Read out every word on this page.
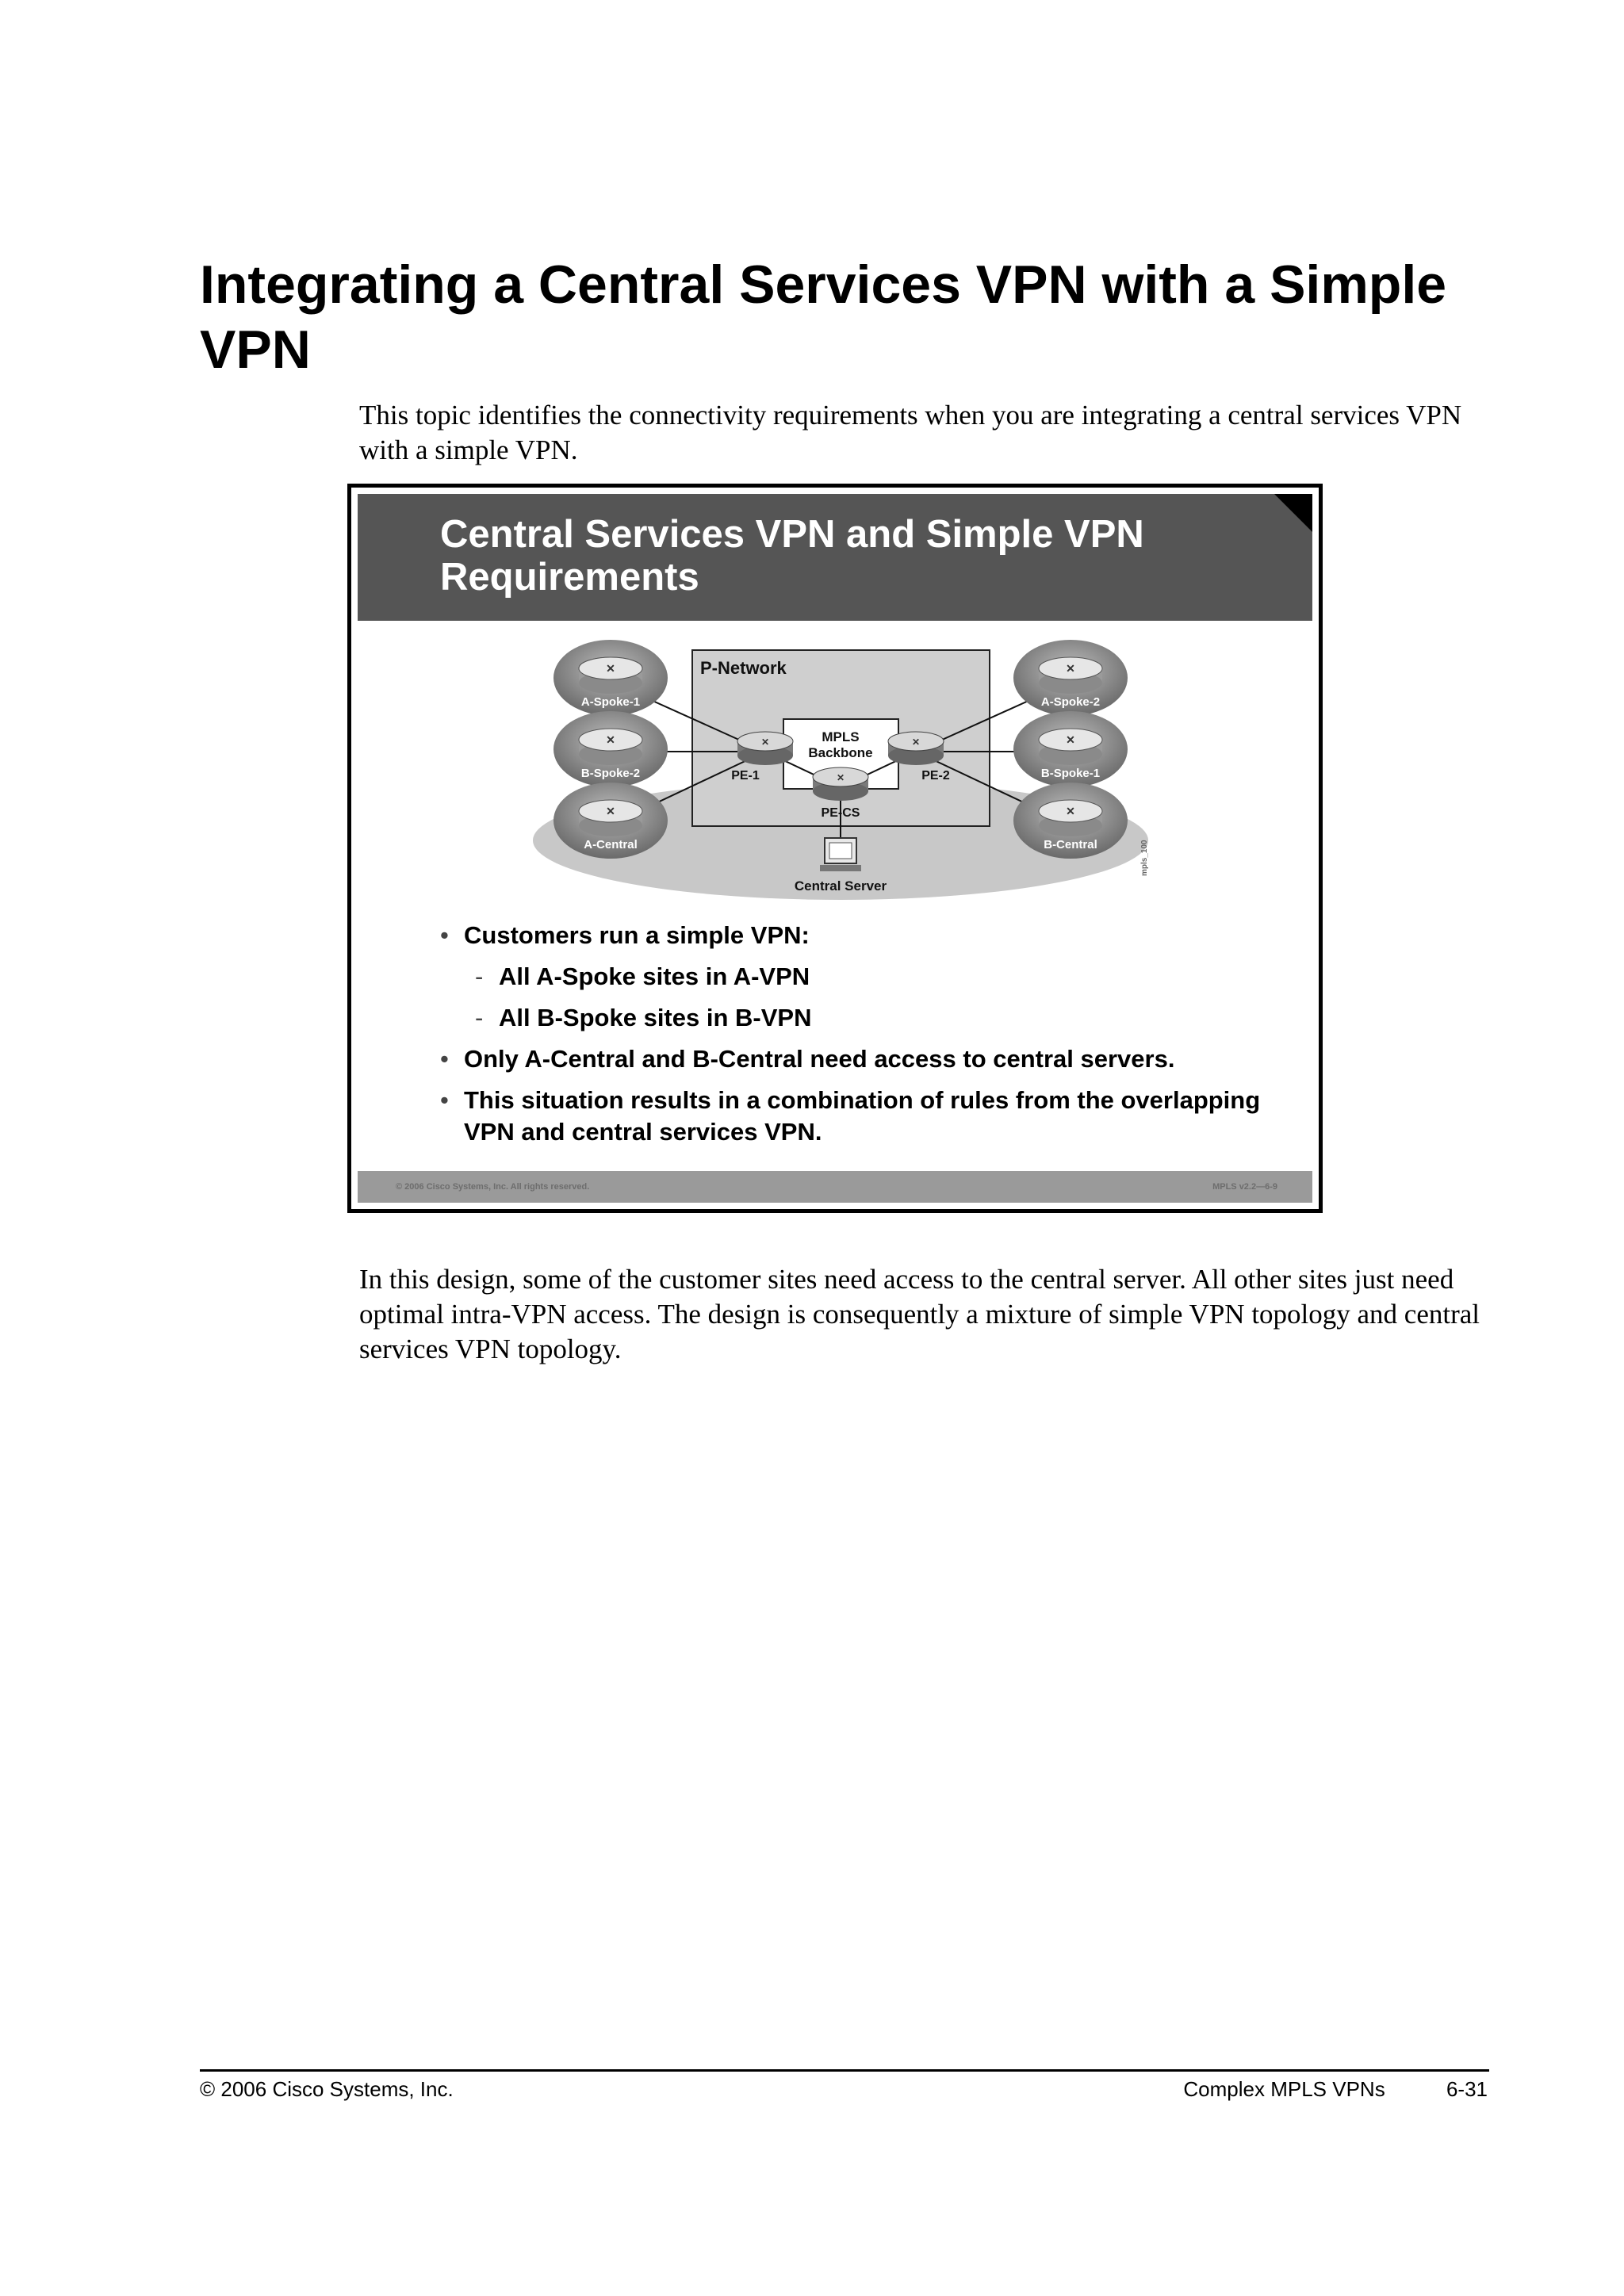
Integrating a Central Services VPN with a Simple VPN

This topic identifies the connectivity requirements when you are integrating a central services VPN with a simple VPN.

Central Services VPN and Simple VPN Requirements
P-Network
MPLS
Backbone
✕
A-Spoke-1
✕
B-Spoke-2
✕
A-Central
✕
A-Spoke-2
✕
B-Spoke-1
✕
B-Central
✕
PE-1
✕
PE-2
✕
PE-CS
Central Server
mpls_100
• Customers run a simple VPN:
- All A-Spoke sites in A-VPN
- All B-Spoke sites in B-VPN
• Only A-Central and B-Central need access to central servers.
• This situation results in a combination of rules from the overlapping VPN and central services VPN.
© 2006 Cisco Systems, Inc. All rights reserved.	MPLS v2.2—6-9

In this design, some of the customer sites need access to the central server. All other sites just need optimal intra-VPN access. The design is consequently a mixture of simple VPN topology and central services VPN topology.

© 2006 Cisco Systems, Inc.	Complex MPLS VPNs	6-31
